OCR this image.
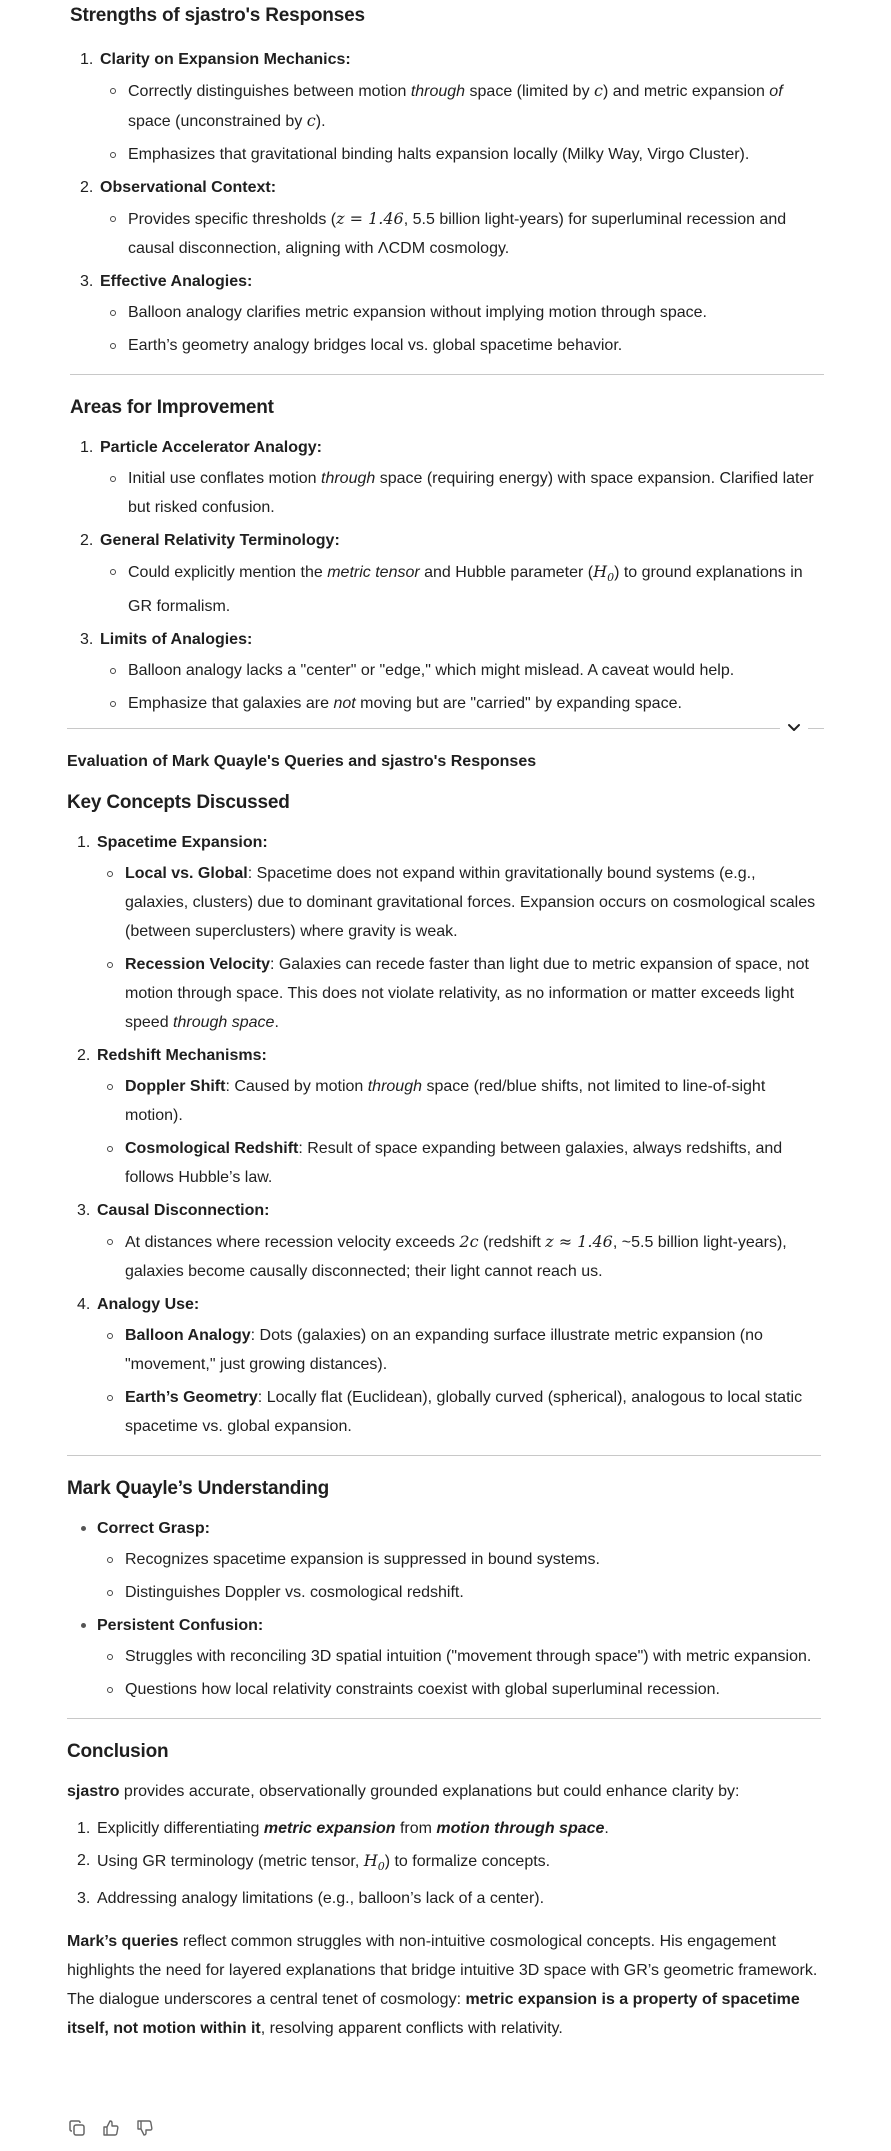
Strengths of sjastro's Responses
1. Clarity on Expansion Mechanics:
Correctly distinguishes between motion through space (limited by c) and metric expansion of space (unconstrained by c).
Emphasizes that gravitational binding halts expansion locally (Milky Way, Virgo Cluster).
2. Observational Context:
Provides specific thresholds (z = 1.46, 5.5 billion light-years) for superluminal recession and causal disconnection, aligning with ΛCDM cosmology.
3. Effective Analogies:
Balloon analogy clarifies metric expansion without implying motion through space.
Earth’s geometry analogy bridges local vs. global spacetime behavior.
Areas for Improvement
1. Particle Accelerator Analogy:
Initial use conflates motion through space (requiring energy) with space expansion. Clarified later but risked confusion.
2. General Relativity Terminology:
Could explicitly mention the metric tensor and Hubble parameter $(H_0)$ to ground explanations in GR formalism.
3. Limits of Analogies:
Balloon analogy lacks a "center" or "edge," which might mislead. A caveat would help.
Emphasize that galaxies are not moving but are "carried" by expanding space.
Evaluation of Mark Quayle's Queries and sjastro's Responses
Key Concepts Discussed
1. Spacetime Expansion:
Local vs. Global: Spacetime does not expand within gravitationally bound systems (e.g., galaxies, clusters) due to dominant gravitational forces. Expansion occurs on cosmological scales (between superclusters) where gravity is weak.
Recession Velocity: Galaxies can recede faster than light due to metric expansion of space, not motion through space. This does not violate relativity, as no information or matter exceeds light speed through space.
2. Redshift Mechanisms:
Doppler Shift: Caused by motion through space (red/blue shifts, not limited to line-of-sight motion).
Cosmological Redshift: Result of space expanding between galaxies, always redshifts, and follows Hubble’s law.
3. Causal Disconnection:
At distances where recession velocity exceeds 2c (redshift z ≈ 1.46, ~5.5 billion light-years), galaxies become causally disconnected; their light cannot reach us.
4. Analogy Use:
Balloon Analogy: Dots (galaxies) on an expanding surface illustrate metric expansion (no "movement," just growing distances).
Earth’s Geometry: Locally flat (Euclidean), globally curved (spherical), analogous to local static spacetime vs. global expansion.
Mark Quayle’s Understanding
Correct Grasp:
Recognizes spacetime expansion is suppressed in bound systems.
Distinguishes Doppler vs. cosmological redshift.
Persistent Confusion:
Struggles with reconciling 3D spatial intuition ("movement through space") with metric expansion.
Questions how local relativity constraints coexist with global superluminal recession.
Conclusion

sjastro provides accurate, observationally grounded explanations but could enhance clarity by:

1. Explicitly differentiating metric expansion from motion through space.
2. Using GR terminology (metric tensor, $H_0$) to formalize concepts.
3. Addressing analogy limitations (e.g., balloon’s lack of a center).

Mark’s queries reflect common struggles with non-intuitive cosmological concepts. His engagement highlights the need for layered explanations that bridge intuitive 3D space with GR’s geometric framework. The dialogue underscores a central tenet of cosmology: metric expansion is a property of spacetime itself, not motion within it, resolving apparent conflicts with relativity.
